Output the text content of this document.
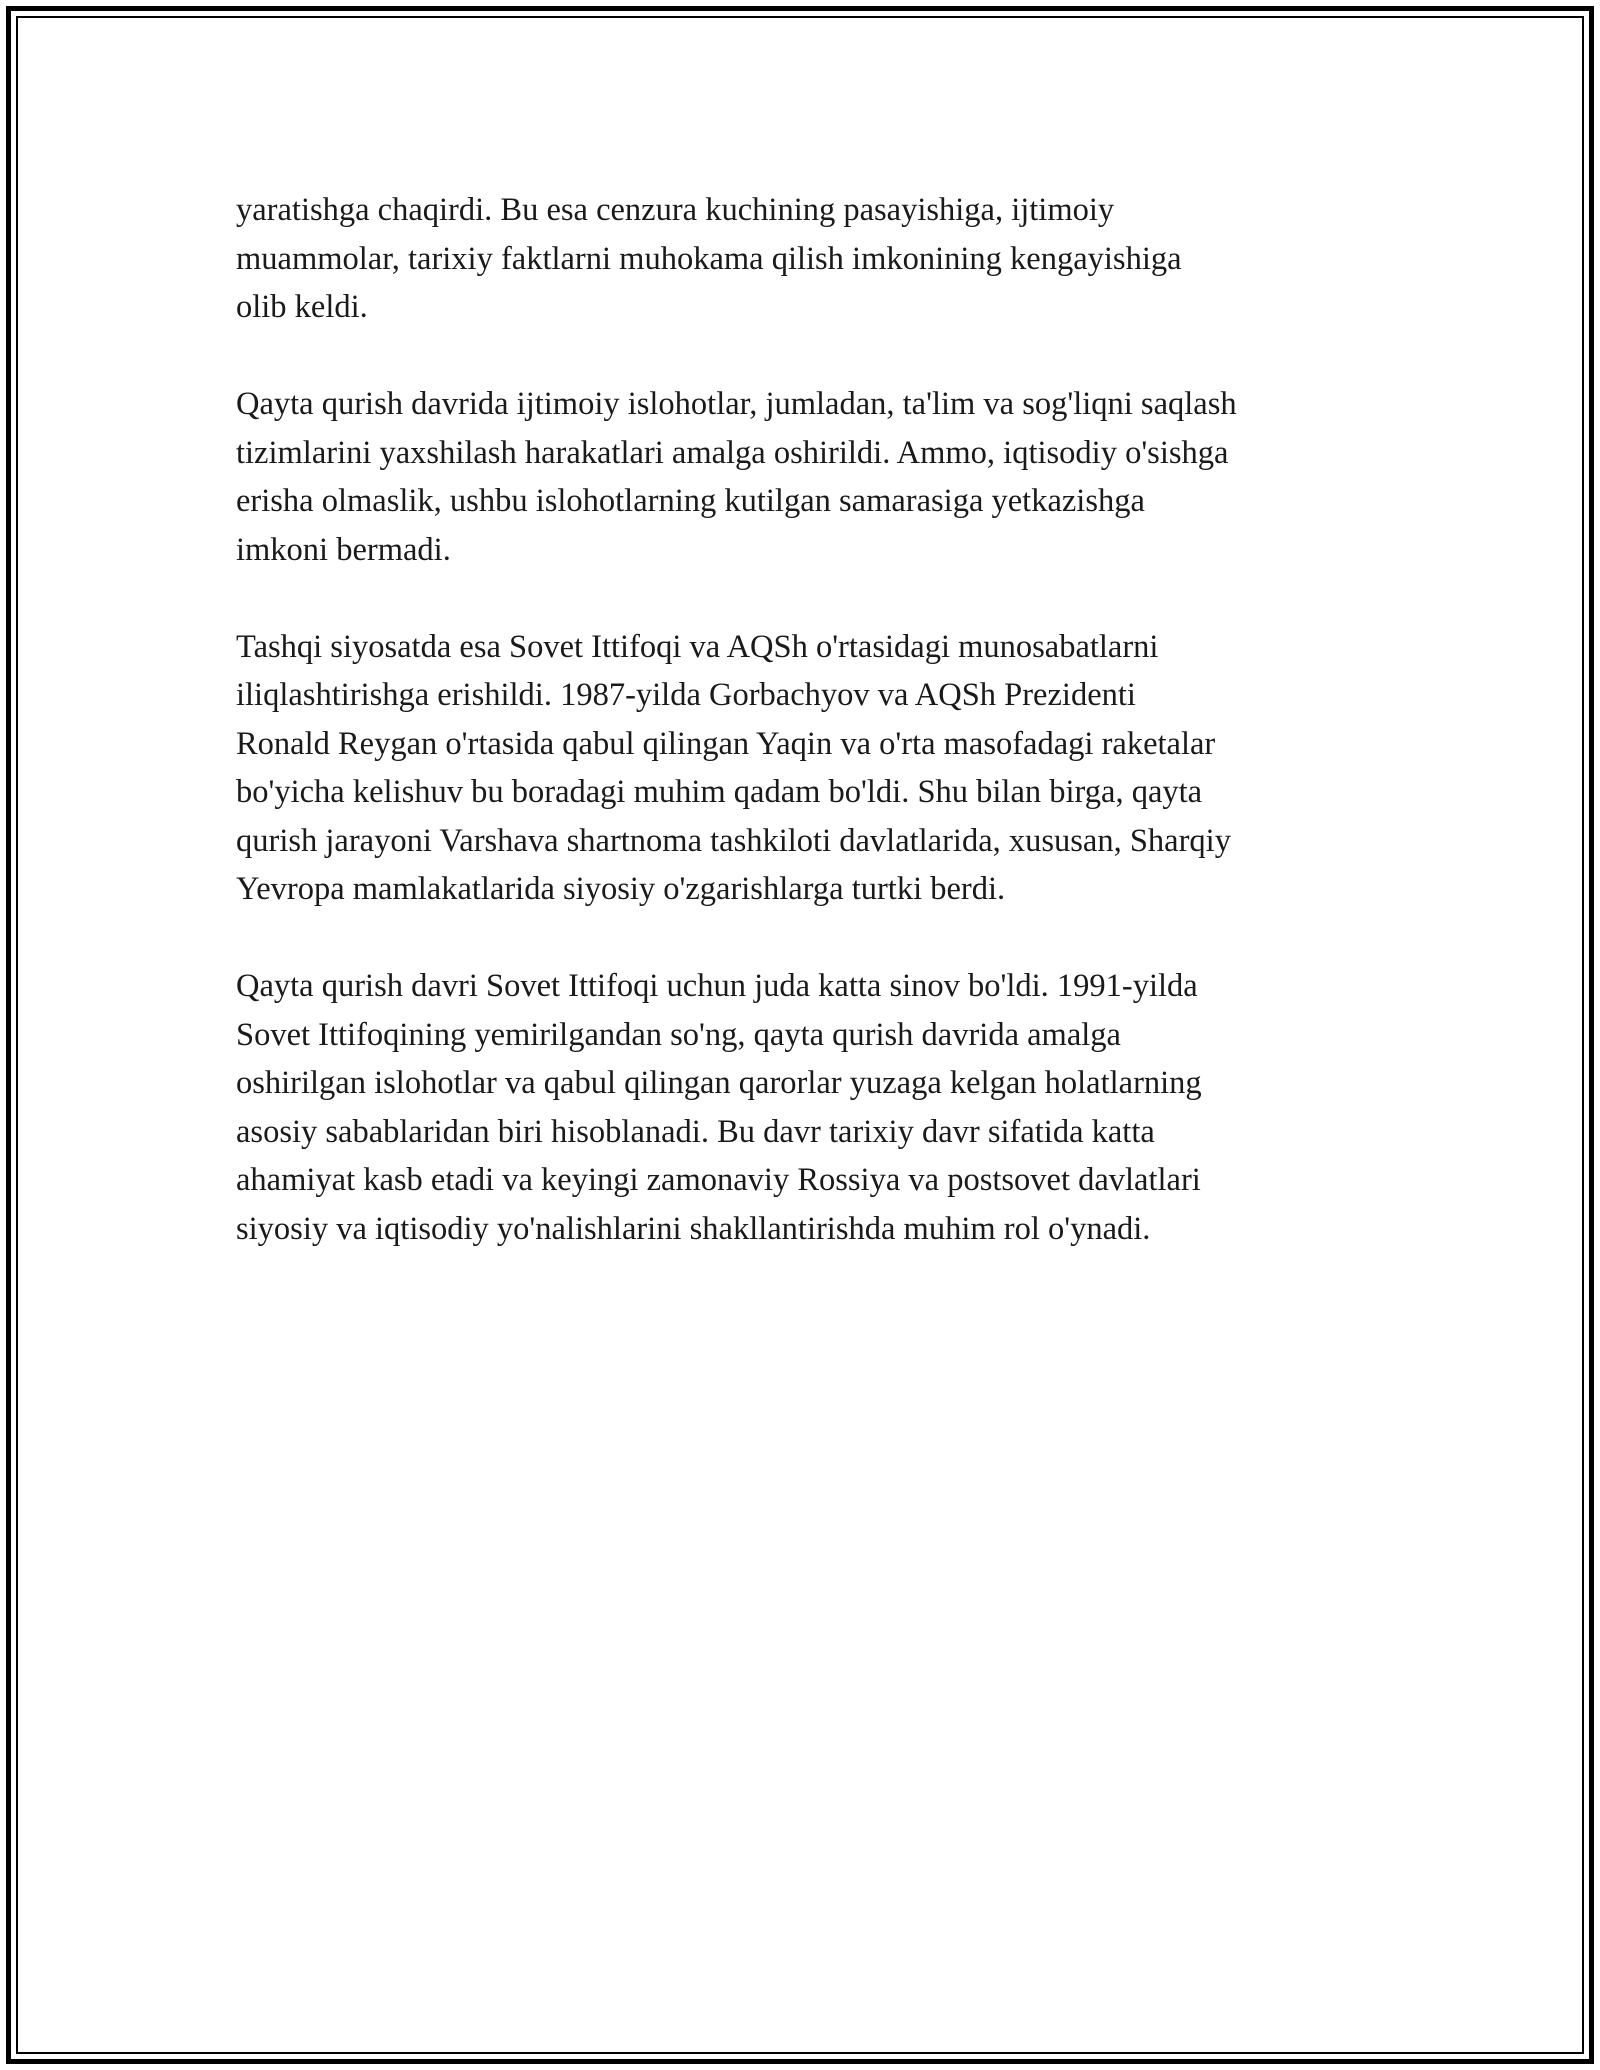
yaratishga chaqirdi. Bu esa cenzura kuchining pasayishiga, ijtimoiy
muammolar, tarixiy faktlarni muhokama qilish imkonining kengayishiga
olib keldi.

Qayta qurish davrida ijtimoiy islohotlar, jumladan, ta'lim va sog'liqni saqlash
tizimlarini yaxshilash harakatlari amalga oshirildi. Ammo, iqtisodiy o'sishga
erisha olmaslik, ushbu islohotlarning kutilgan samarasiga yetkazishga
imkoni bermadi.

Tashqi siyosatda esa Sovet Ittifoqi va AQSh o'rtasidagi munosabatlarni
iliqlashtirishga erishildi. 1987-yilda Gorbachyov va AQSh Prezidenti
Ronald Reygan o'rtasida qabul qilingan Yaqin va o'rta masofadagi raketalar
bo'yicha kelishuv bu boradagi muhim qadam bo'ldi. Shu bilan birga, qayta
qurish jarayoni Varshava shartnoma tashkiloti davlatlarida, xususan, Sharqiy
Yevropa mamlakatlarida siyosiy o'zgarishlarga turtki berdi.

Qayta qurish davri Sovet Ittifoqi uchun juda katta sinov bo'ldi. 1991-yilda
Sovet Ittifoqining yemirilgandan so'ng, qayta qurish davrida amalga
oshirilgan islohotlar va qabul qilingan qarorlar yuzaga kelgan holatlarning
asosiy sabablaridan biri hisoblanadi. Bu davr tarixiy davr sifatida katta
ahamiyat kasb etadi va keyingi zamonaviy Rossiya va postsovet davlatlari
siyosiy va iqtisodiy yo'nalishlarini shakllantirishda muhim rol o'ynadi.
